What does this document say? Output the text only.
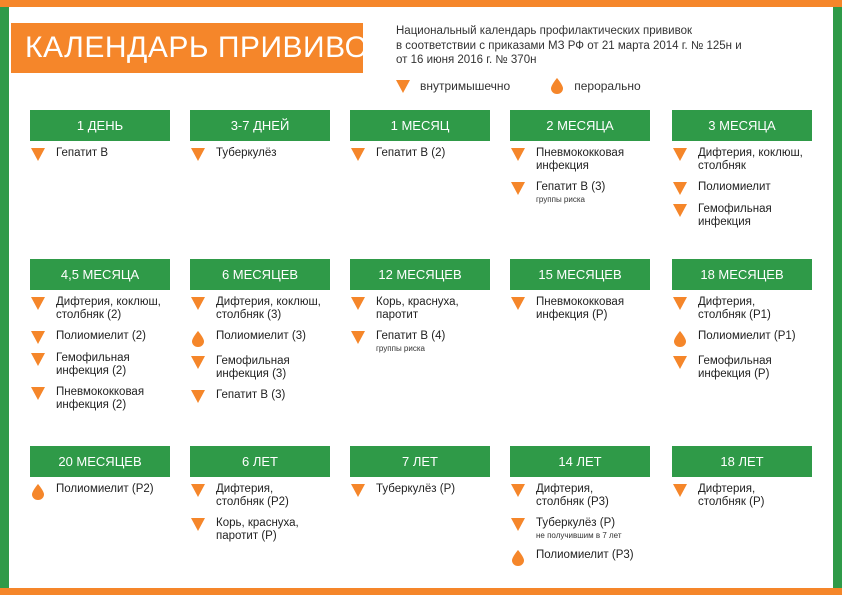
КАЛЕНДАРЬ ПРИВИВОК Национальный календарь профилактических прививок
в соответствии с приказами МЗ РФ от 21 марта 2014 г. № 125н и
от 16 июня 2016 г. № 370н
внутримышечно	перорально
1 ДЕНЬ
Гепатит В
3-7 ДНЕЙ
Туберкулёз
1 МЕСЯЦ
Гепатит В (2)
2 МЕСЯЦА
Пневмококковая
инфекция
Гепатит В (3)
группы риска
3 МЕСЯЦА
Дифтерия, коклюш,
столбняк
Полиомиелит
Гемофильная
инфекция
4,5 МЕСЯЦА
Дифтерия, коклюш,
столбняк (2)
Полиомиелит (2)
Гемофильная
инфекция (2)
Пневмококковая
инфекция (2)
6 МЕСЯЦЕВ
Дифтерия, коклюш,
столбняк (3)
Полиомиелит (3)
Гемофильная
инфекция (3)
Гепатит В (3)
12 МЕСЯЦЕВ
Корь, краснуха,
паротит
Гепатит В (4)
группы риска
15 МЕСЯЦЕВ
Пневмококковая
инфекция (Р)
18 МЕСЯЦЕВ
Дифтерия,
столбняк (Р1)
Полиомиелит (Р1)
Гемофильная
инфекция (Р)
20 МЕСЯЦЕВ
Полиомиелит (Р2)
6 ЛЕТ
Дифтерия,
столбняк (Р2)
Корь, краснуха,
паротит (Р)
7 ЛЕТ
Туберкулёз (Р)
14 ЛЕТ
Дифтерия,
столбняк (Р3)
Туберкулёз (Р)
не получившим в 7 лет
Полиомиелит (Р3)
18 ЛЕТ
Дифтерия,
столбняк (Р)
